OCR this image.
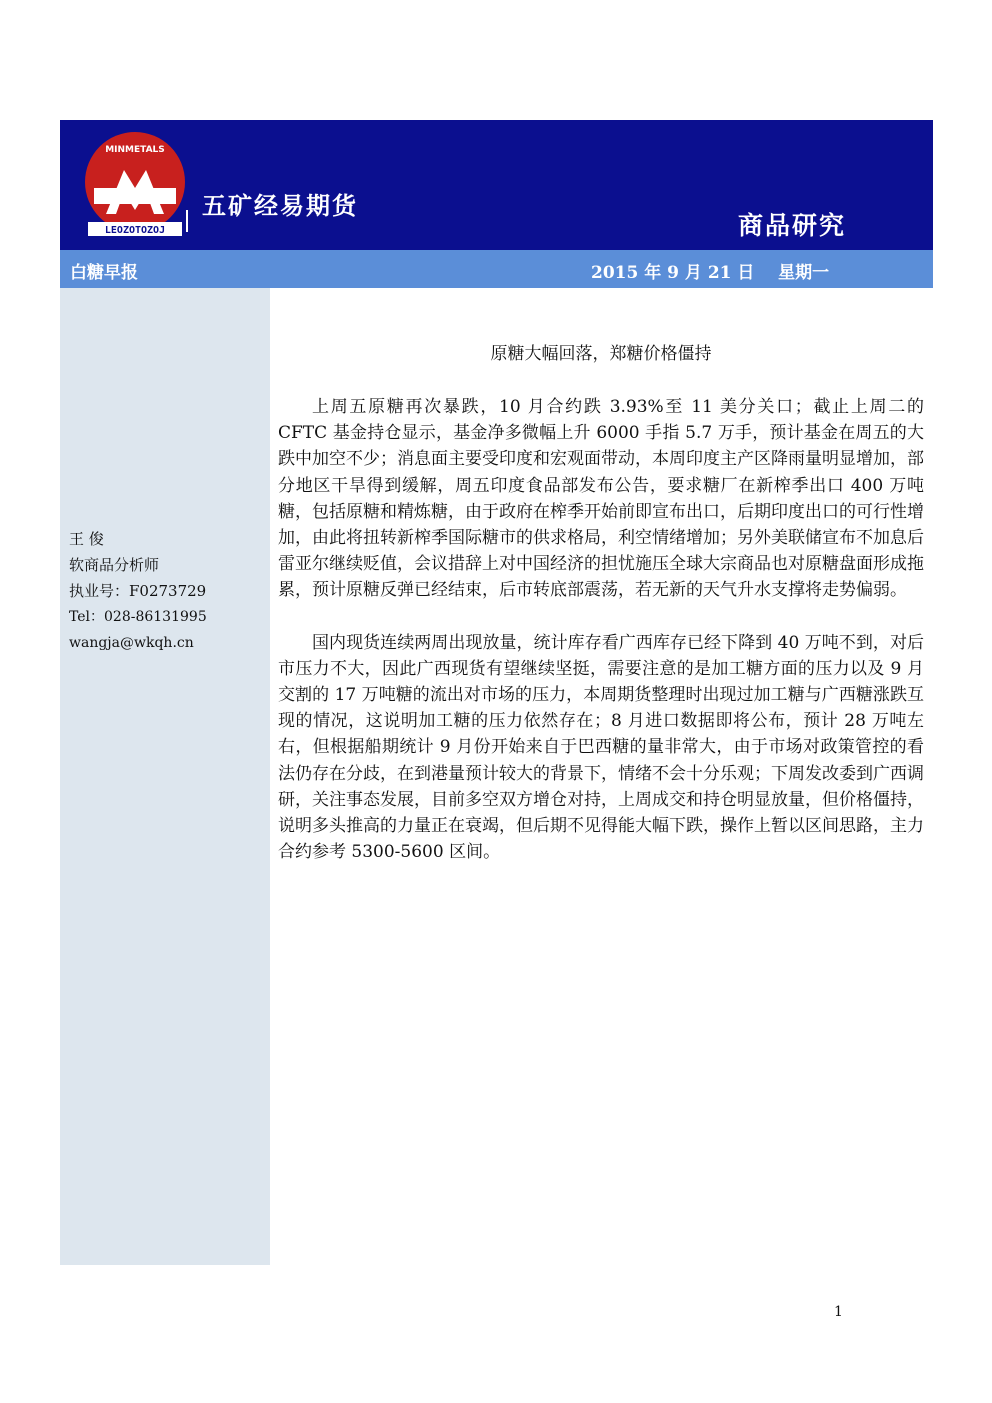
LEOZOTOZOJ
MINMETALS
五矿经易期货
商品研究
白糖早报	2015 年 9 月 21 日    星期一
王 俊
软商品分析师
执业号：F0273729
Tel：028-86131995
wangja@wkqh.cn
原糖大幅回落，郑糖价格僵持

上周五原糖再次暴跌，10 月合约跌 3.93%至 11 美分关口；截止上周二的 CFTC 基金持仓显示，基金净多微幅上升 6000 手指 5.7 万手，预计基金在周五的大跌中加空不少；消息面主要受印度和宏观面带动，本周印度主产区降雨量明显增加，部分地区干旱得到缓解，周五印度食品部发布公告，要求糖厂在新榨季出口 400 万吨糖，包括原糖和精炼糖，由于政府在榨季开始前即宣布出口，后期印度出口的可行性增加，由此将扭转新榨季国际糖市的供求格局，利空情绪增加；另外美联储宣布不加息后雷亚尔继续贬值，会议措辞上对中国经济的担忧施压全球大宗商品也对原糖盘面形成拖累，预计原糖反弹已经结束，后市转底部震荡，若无新的天气升水支撑将走势偏弱。

国内现货连续两周出现放量，统计库存看广西库存已经下降到 40 万吨不到，对后市压力不大，因此广西现货有望继续坚挺，需要注意的是加工糖方面的压力以及 9 月交割的 17 万吨糖的流出对市场的压力，本周期货整理时出现过加工糖与广西糖涨跌互现的情况，这说明加工糖的压力依然存在；8 月进口数据即将公布，预计 28 万吨左右，但根据船期统计 9 月份开始来自于巴西糖的量非常大，由于市场对政策管控的看法仍存在分歧，在到港量预计较大的背景下，情绪不会十分乐观；下周发改委到广西调研，关注事态发展，目前多空双方增仓对持，上周成交和持仓明显放量，但价格僵持，说明多头推高的力量正在衰竭，但后期不见得能大幅下跌，操作上暂以区间思路，主力合约参考 5300-5600 区间。

1
